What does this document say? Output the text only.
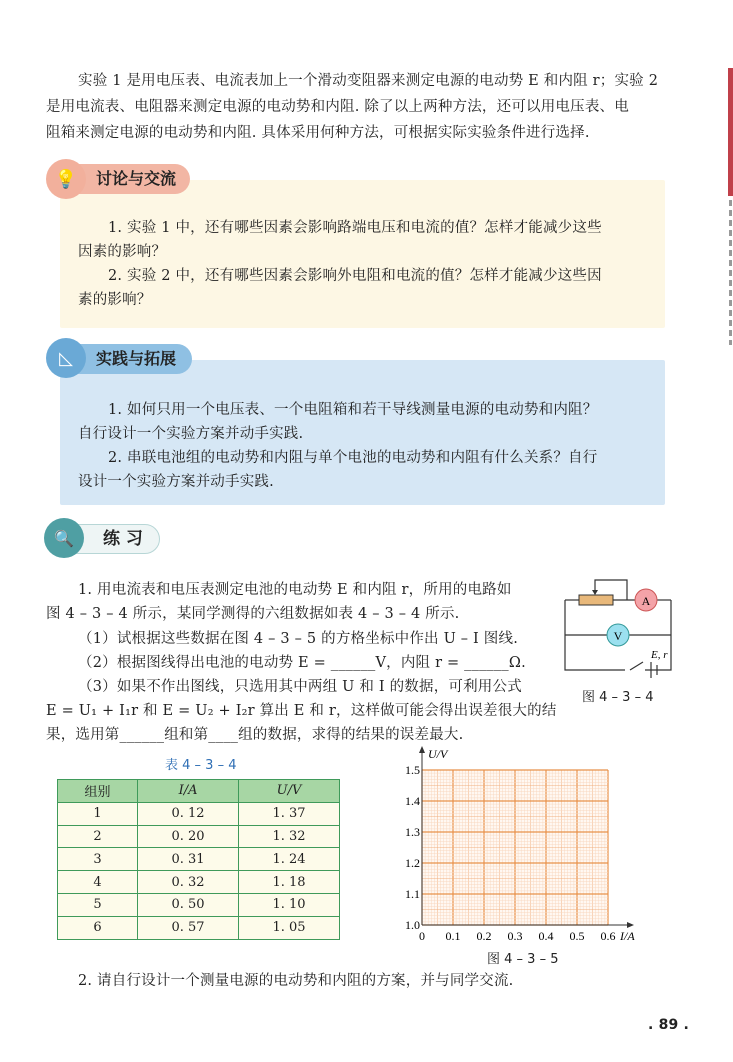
实验 1 是用电压表、电流表加上一个滑动变阻器来测定电源的电动势 E 和内阻 r；实验 2
是用电流表、电阻器来测定电源的电动势和内阻. 除了以上两种方法，还可以用电压表、电
阻箱来测定电源的电动势和内阻. 具体采用何种方法，可根据实际实验条件进行选择.
讨论与交流
💡
1. 实验 1 中，还有哪些因素会影响路端电压和电流的值？怎样才能减少这些
因素的影响？
2. 实验 2 中，还有哪些因素会影响外电阻和电流的值？怎样才能减少这些因
素的影响？
实践与拓展
◺
1. 如何只用一个电压表、一个电阻箱和若干导线测量电源的电动势和内阻？
自行设计一个实验方案并动手实践.
2. 串联电池组的电动势和内阻与单个电池的电动势和内阻有什么关系？自行
设计一个实验方案并动手实践.
练 习
🔍
1. 用电流表和电压表测定电池的电动势 E 和内阻 r，所用的电路如
图 4 – 3 – 4 所示，某同学测得的六组数据如表 4 – 3 – 4 所示.
（1）试根据这些数据在图 4 – 3 – 5 的方格坐标中作出 U – I 图线.
（2）根据图线得出电池的电动势 E = ______V，内阻 r = ______Ω.
（3）如果不作出图线，只选用其中两组 U 和 I 的数据，可利用公式
E = U₁ + I₁r 和 E = U₂ + I₂r 算出 E 和 r，这样做可能会得出误差很大的结
果，选用第______组和第____组的数据，求得的结果的误差最大.
A
V
E, r
图 4 – 3 – 4
表 4 – 3 – 4
组别	I/A	U/V
1	0. 12	1. 37
2	0. 20	1. 32
3	0. 31	1. 24
4	0. 32	1. 18
5	0. 50	1. 10
6	0. 57	1. 05
0 0.1 0.2 0.3 0.4 0.5 0.6
1.0
1.1
1.2
1.3
1.4
1.5
I/A
U/V
图 4 – 3 – 5
2. 请自行设计一个测量电源的电动势和内阻的方案，并与同学交流.
. 89 .
